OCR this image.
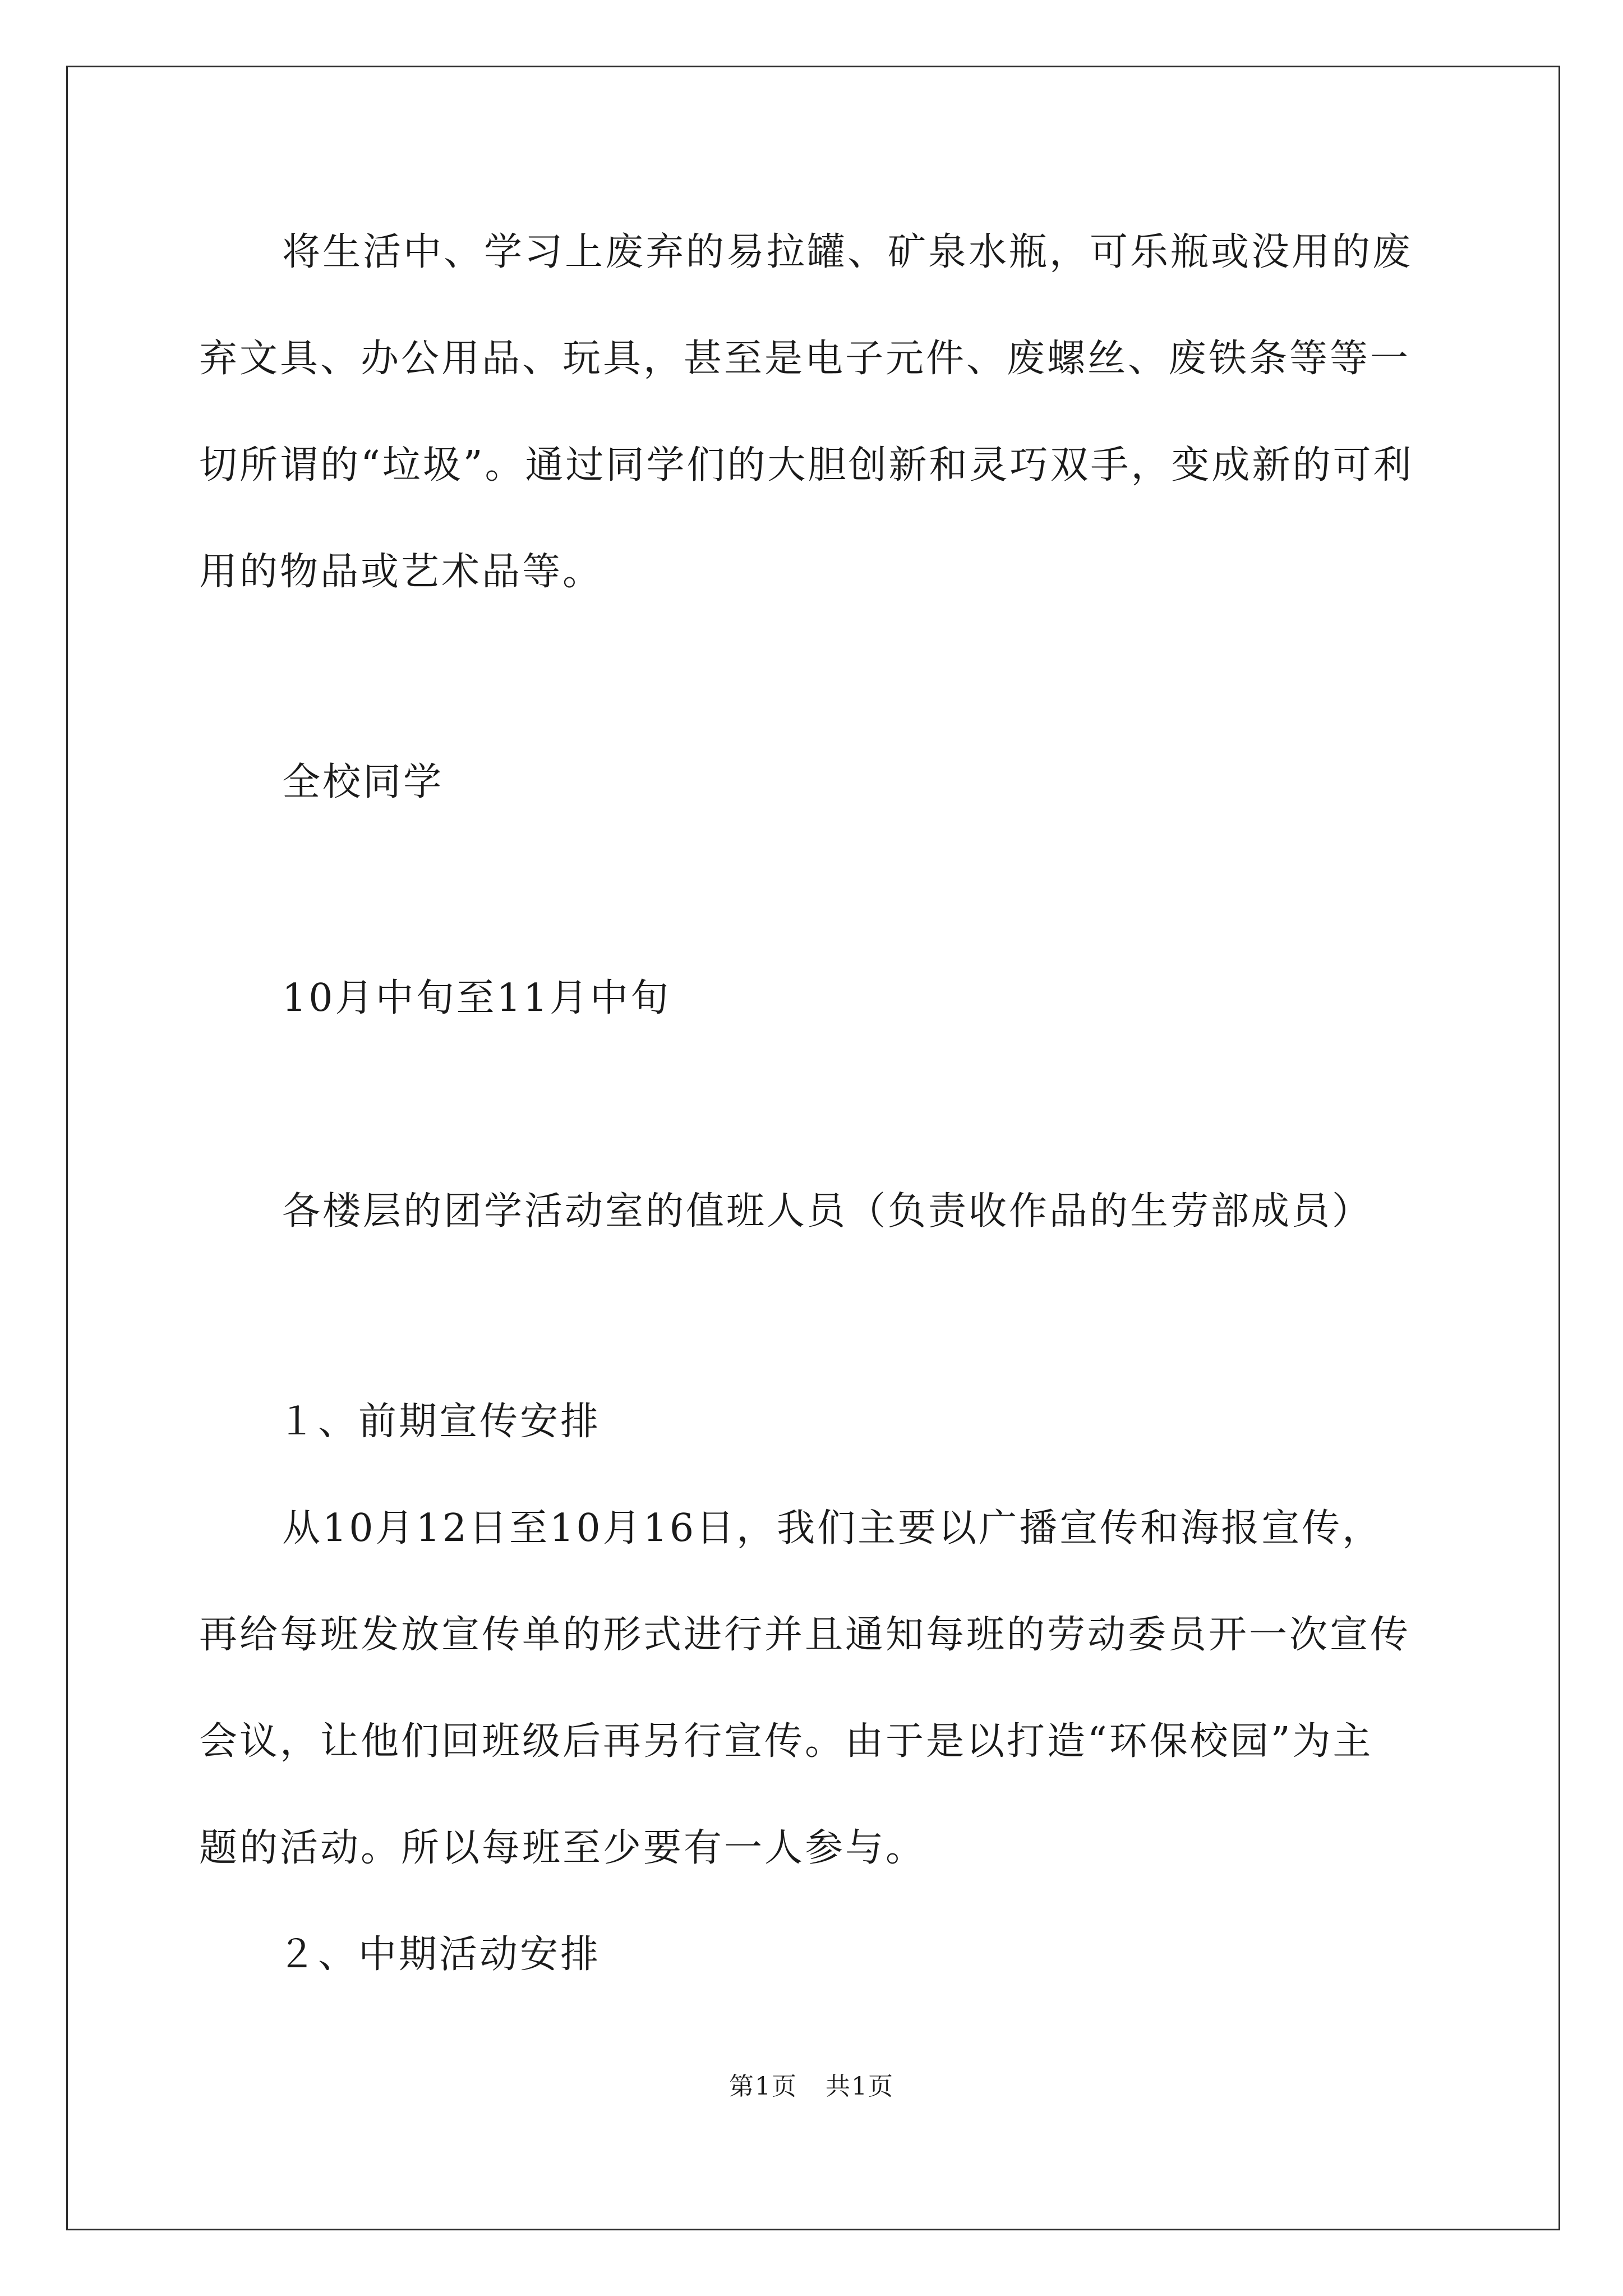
将生活中、学习上废弃的易拉罐、矿泉水瓶，可乐瓶或没用的废

弃文具、办公用品、玩具，甚至是电子元件、废螺丝、废铁条等等一

切所谓的“垃圾”。通过同学们的大胆创新和灵巧双手，变成新的可利

用的物品或艺术品等。

全校同学

10月中旬至11月中旬

各楼层的团学活动室的值班人员（负责收作品的生劳部成员）

１、前期宣传安排

从10月12日至10月16日，我们主要以广播宣传和海报宣传，

再给每班发放宣传单的形式进行并且通知每班的劳动委员开一次宣传

会议，让他们回班级后再另行宣传。由于是以打造“环保校园”为主

题的活动。所以每班至少要有一人参与。

２、中期活动安排

第1页 共1页
